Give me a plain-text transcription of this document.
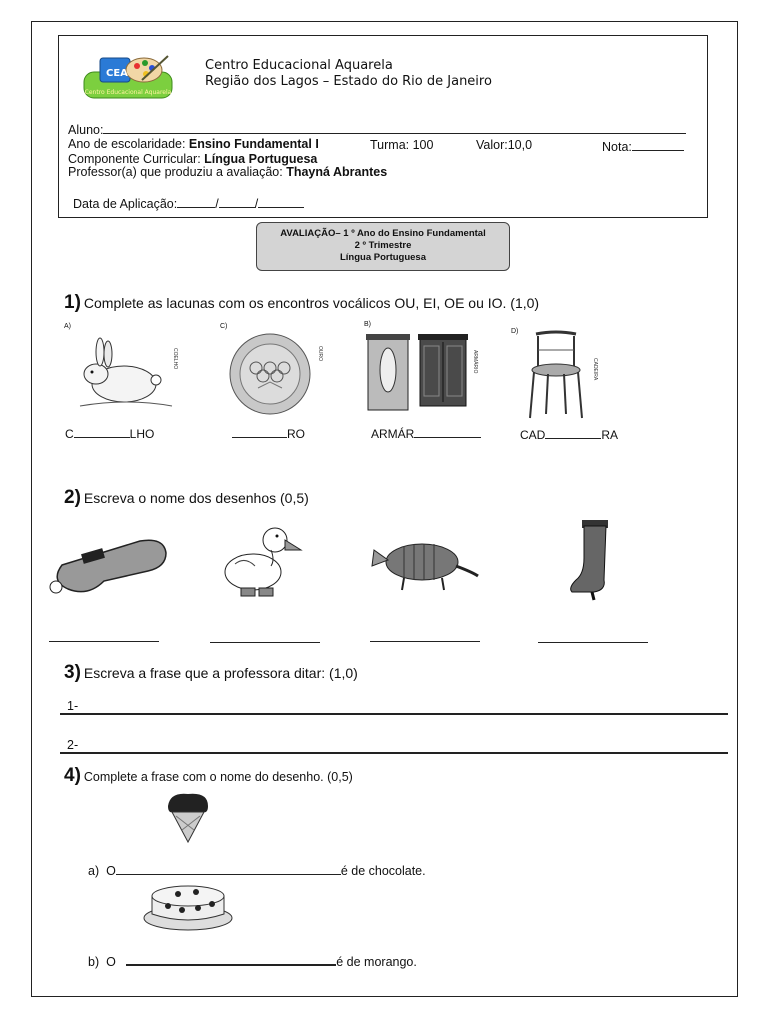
CEA
Centro Educacional Aquarela
Centro Educacional Aquarela
Região dos Lagos – Estado do Rio de Janeiro
Aluno:
Ano de escolaridade: Ensino Fundamental I	Turma: 100	Valor:10,0	Nota:
Componente Curricular: Língua Portuguesa
Professor(a) que produziu a avaliação: Thayná Abrantes
Data de Aplicação:	/	/
AVALIAÇÃO– 1 º Ano do Ensino Fundamental
2 º Trimestre
Língua Portuguesa
1) Complete as lacunas com os encontros vocálicos OU, EI, OE ou IO. (1,0)
A)	C)	B)
D)
COELHO	OURO	ARMÁRIO	CADEIRA
C	LHO	RO	ARMÁR	CAD	RA
2) Escreva o nome dos desenhos (0,5)
3) Escreva a frase que a professora ditar: (1,0)
1-
2-
4) Complete a frase com o nome do desenho. (0,5)
a) O	é de chocolate.
b) O	é de morango.
